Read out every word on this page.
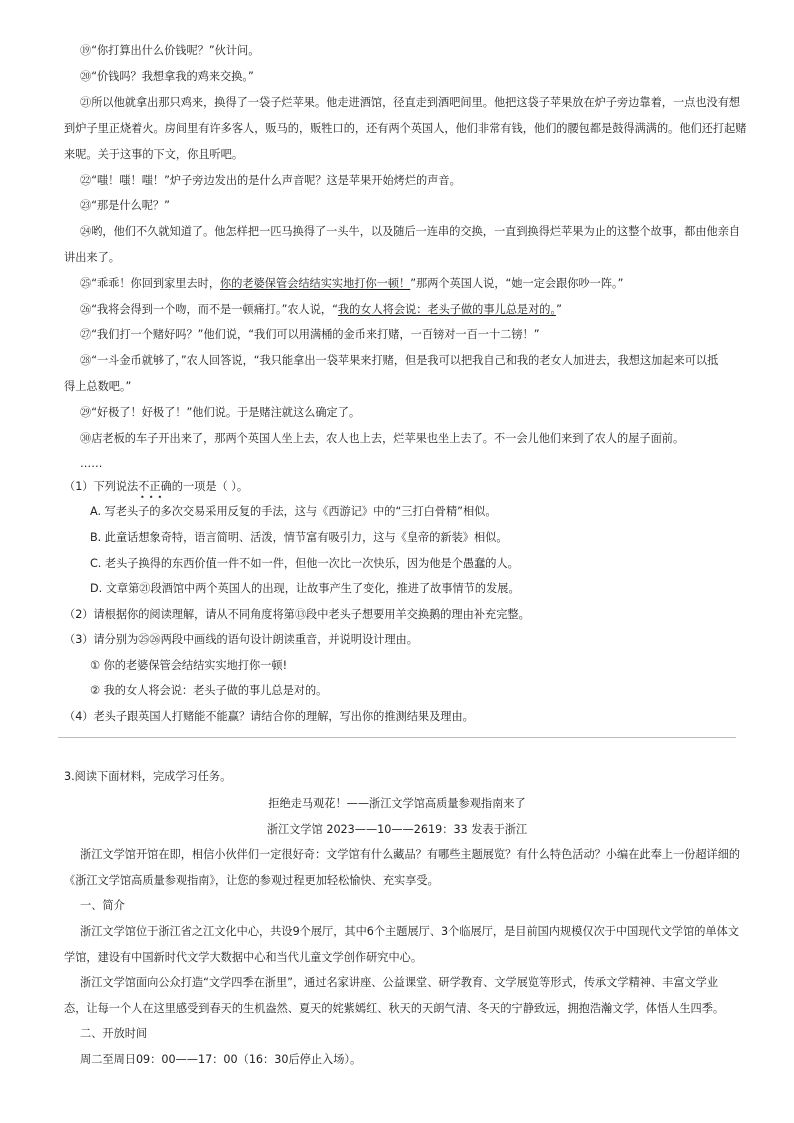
⑲“你打算出什么价钱呢？”伙计问。
⑳“价钱吗？我想拿我的鸡来交换。”
㉑所以他就拿出那只鸡来，换得了一袋子烂苹果。他走进酒馆，径直走到酒吧间里。他把这袋子苹果放在炉子旁边靠着，一点也没有想
到炉子里正烧着火。房间里有许多客人，贩马的，贩牲口的，还有两个英国人，他们非常有钱，他们的腰包都是鼓得满满的。他们还打起赌
来呢。关于这事的下文，你且听吧。
㉒“嗤！嗤！嗤！”炉子旁边发出的是什么声音呢？这是苹果开始烤烂的声音。
㉓“那是什么呢？”
㉔哟，他们不久就知道了。他怎样把一匹马换得了一头牛，以及随后一连串的交换，一直到换得烂苹果为止的这整个故事，都由他亲自
讲出来了。
㉕“乖乖！你回到家里去时，你的老婆保管会结结实实地打你一顿！”那两个英国人说，“她一定会跟你吵一阵。”
㉖“我将会得到一个吻，而不是一顿痛打。”农人说，“我的女人将会说：老头子做的事儿总是对的。”
㉗“我们打一个赌好吗？”他们说，“我们可以用满桶的金币来打赌，一百镑对一百一十二镑！”
㉘“一斗金币就够了，”农人回答说，“我只能拿出一袋苹果来打赌，但是我可以把我自己和我的老女人加进去，我想这加起来可以抵
得上总数吧。”
㉙“好极了！好极了！”他们说。于是赌注就这么确定了。
㉚店老板的车子开出来了，那两个英国人坐上去，农人也上去，烂苹果也坐上去了。不一会儿他们来到了农人的屋子面前。
……
（1）下列说法不正确的一项是（ ）。
•••
A. 写老头子的多次交易采用反复的手法，这与《西游记》中的“三打白骨精”相似。
B. 此童话想象奇特，语言简明、活泼，情节富有吸引力，这与《皇帝的新装》相似。
C. 老头子换得的东西价值一件不如一件，但他一次比一次快乐，因为他是个愚蠢的人。
D. 文章第㉑段酒馆中两个英国人的出现，让故事产生了变化，推进了故事情节的发展。
（2）请根据你的阅读理解，请从不同角度将第⑬段中老头子想要用羊交换鹅的理由补充完整。
（3）请分别为㉕㉖两段中画线的语句设计朗读重音，并说明设计理由。
① 你的老婆保管会结结实实地打你一顿!
② 我的女人将会说：老头子做的事儿总是对的。
（4）老头子跟英国人打赌能不能赢？请结合你的理解，写出你的推测结果及理由。
3.阅读下面材料，完成学习任务。
拒绝走马观花！——浙江文学馆高质量参观指南来了
浙江文学馆 2023——10——2619：33 发表于浙江
浙江文学馆开馆在即，相信小伙伴们一定很好奇：文学馆有什么藏品？有哪些主题展览？有什么特色活动？小编在此奉上一份超详细的
《浙江文学馆高质量参观指南》，让您的参观过程更加轻松愉快、充实享受。
一、简介
浙江文学馆位于浙江省之江文化中心，共设9个展厅，其中6个主题展厅、3个临展厅，是目前国内规模仅次于中国现代文学馆的单体文
学馆，建设有中国新时代文学大数据中心和当代儿童文学创作研究中心。
浙江文学馆面向公众打造“文学四季在浙里”，通过名家讲座、公益课堂、研学教育、文学展览等形式，传承文学精神、丰富文学业
态，让每一个人在这里感受到春天的生机盎然、夏天的姹紫嫣红、秋天的天朗气清、冬天的宁静致远，拥抱浩瀚文学，体悟人生四季。
二、开放时间
周二至周日09：00——17：00（16：30后停止入场）。
